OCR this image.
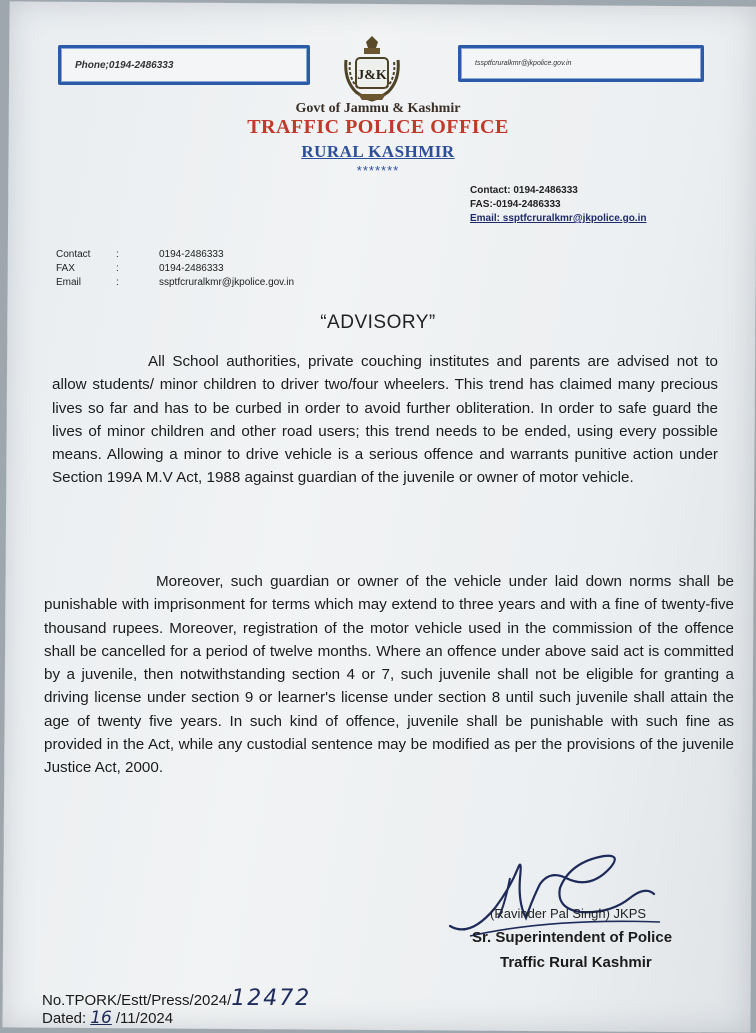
Phone;0194-2486333	tssptfcruralkmr@jkpolice.gov.in
J&K
Govt of Jammu & Kashmir
TRAFFIC POLICE OFFICE
RURAL KASHMIR
*******
Contact: 0194-2486333
FAS:-0194-2486333
Email: ssptfcruralkmr@jkpolice.go.in
Contact	:	0194-2486333
FAX	:	0194-2486333
Email	:	ssptfcruralkmr@jkpolice.gov.in
“ADVISORY”

All School authorities, private couching institutes and parents are advised not to allow students/ minor children to driver two/four wheelers. This trend has claimed many precious lives so far and has to be curbed in order to avoid further obliteration. In order to safe guard the lives of minor children and other road users; this trend needs to be ended, using every possible means. Allowing a minor to drive vehicle is a serious offence and warrants punitive action under Section 199A M.V Act, 1988 against guardian of the juvenile or owner of motor vehicle.

Moreover, such guardian or owner of the vehicle under laid down norms shall be punishable with imprisonment for terms which may extend to three years and with a fine of twenty-five thousand rupees. Moreover, registration of the motor vehicle used in the commission of the offence shall be cancelled for a period of twelve months. Where an offence under above said act is committed by a juvenile, then notwithstanding section 4 or 7, such juvenile shall not be eligible for granting a driving license under section 9 or learner's license under section 8 until such juvenile shall attain the age of twenty five years. In such kind of offence, juvenile shall be punishable with such fine as provided in the Act, while any custodial sentence may be modified as per the provisions of the juvenile Justice Act, 2000.

(Ravinder Pal Singh) JKPS
Sr. Superintendent of Police
Traffic Rural Kashmir
No.TPORK/Estt/Press/2024/12472
Dated: 16 /11/2024
